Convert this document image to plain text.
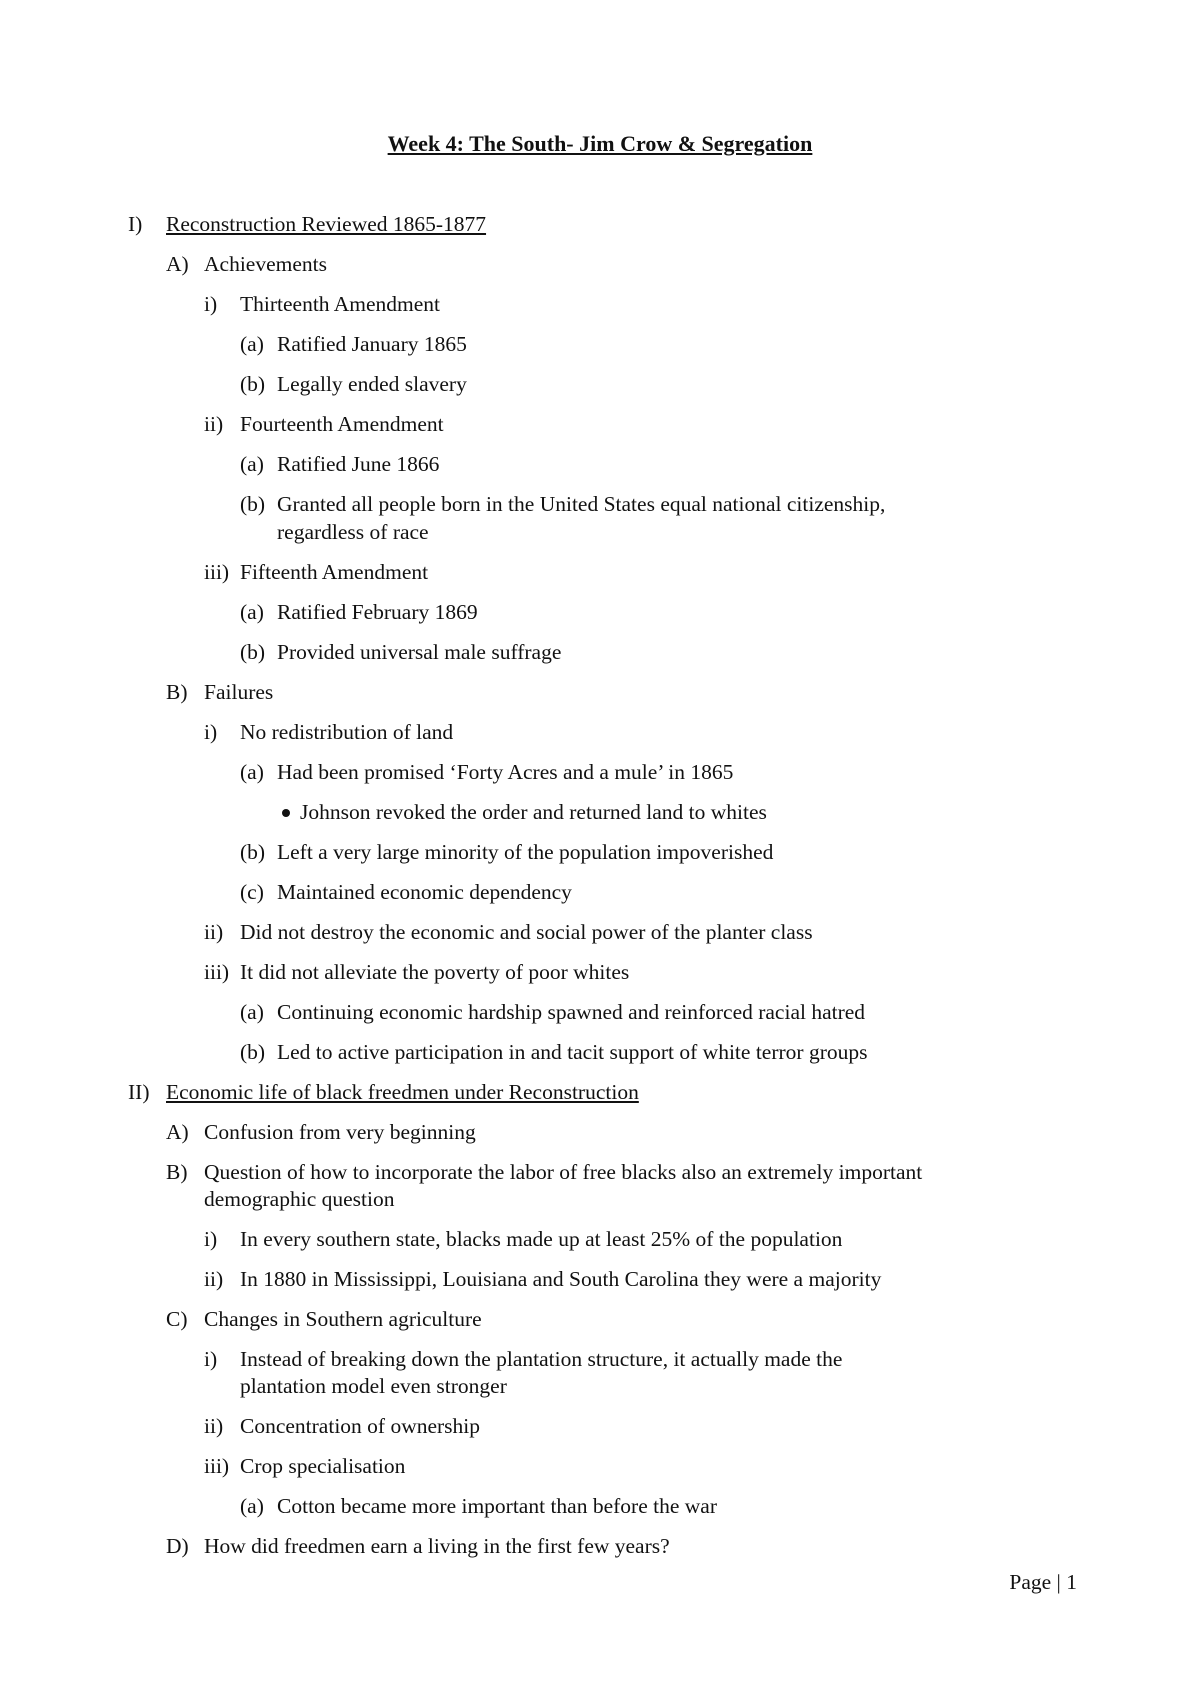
Week 4: The South- Jim Crow & Segregation
I) Reconstruction Reviewed 1865-1877
A) Achievements
i) Thirteenth Amendment
(a) Ratified January 1865
(b) Legally ended slavery
ii) Fourteenth Amendment
(a) Ratified June 1866
(b) Granted all people born in the United States equal national citizenship,
regardless of race
iii) Fifteenth Amendment
(a) Ratified February 1869
(b) Provided universal male suffrage
B) Failures
i) No redistribution of land
(a) Had been promised ‘Forty Acres and a mule’ in 1865
Johnson revoked the order and returned land to whites
(b) Left a very large minority of the population impoverished
(c) Maintained economic dependency
ii) Did not destroy the economic and social power of the planter class
iii) It did not alleviate the poverty of poor whites
(a) Continuing economic hardship spawned and reinforced racial hatred
(b) Led to active participation in and tacit support of white terror groups
II) Economic life of black freedmen under Reconstruction
A) Confusion from very beginning
B) Question of how to incorporate the labor of free blacks also an extremely important
demographic question
i) In every southern state, blacks made up at least 25% of the population
ii) In 1880 in Mississippi, Louisiana and South Carolina they were a majority
C) Changes in Southern agriculture
i) Instead of breaking down the plantation structure, it actually made the
plantation model even stronger
ii) Concentration of ownership
iii) Crop specialisation
(a) Cotton became more important than before the war
D) How did freedmen earn a living in the first few years?
Page | 1
